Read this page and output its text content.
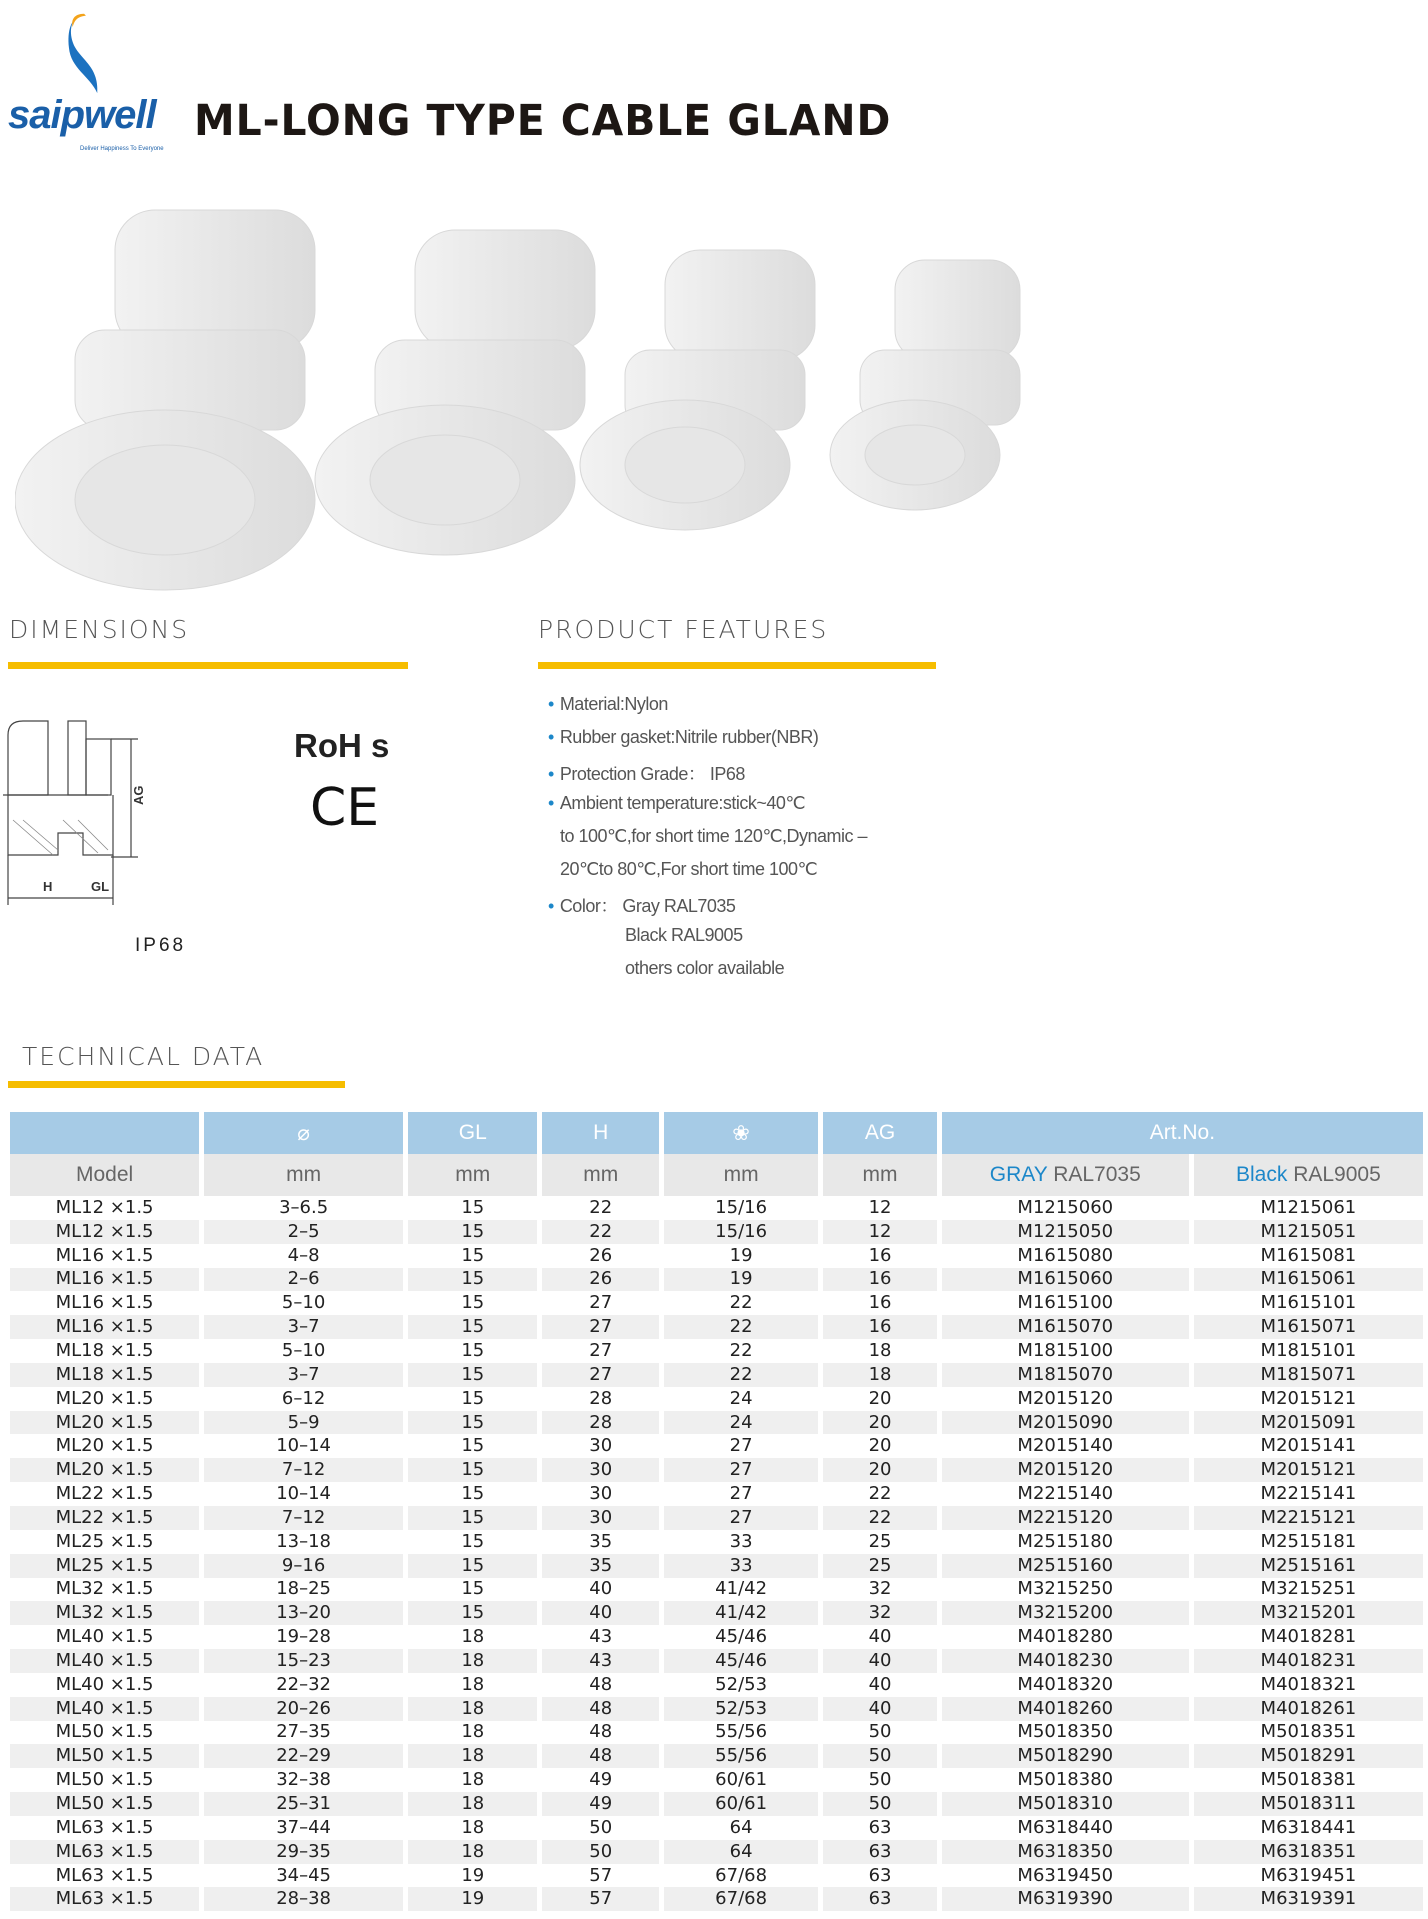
saipwell
Deliver Happiness To Everyone
ML-LONG TYPE CABLE GLAND
DIMENSIONS	PRODUCT FEATURES
AG
H	GL
IP68
RoH s
CE
• Material:Nylon
• Rubber gasket:Nitrile rubber(NBR)
• Protection Grade： IP68
• Ambient temperature:stick~40℃
to 100℃,for short time 120℃,Dynamic –
20℃to 80℃,For short time 100℃
• Color： Gray RAL7035
Black RAL9005
others color available
TECHNICAL DATA
	⌀	GL	H	❀	AG	Art.No.	
Model	mm	mm	mm	mm	mm	GRAY RAL7035	Black RAL9005
ML12 ×1.5	3–6.5	15	22	15/16	12	M1215060	M1215061
ML12 ×1.5	2–5	15	22	15/16	12	M1215050	M1215051
ML16 ×1.5	4–8	15	26	19	16	M1615080	M1615081
ML16 ×1.5	2–6	15	26	19	16	M1615060	M1615061
ML16 ×1.5	5–10	15	27	22	16	M1615100	M1615101
ML16 ×1.5	3–7	15	27	22	16	M1615070	M1615071
ML18 ×1.5	5–10	15	27	22	18	M1815100	M1815101
ML18 ×1.5	3–7	15	27	22	18	M1815070	M1815071
ML20 ×1.5	6–12	15	28	24	20	M2015120	M2015121
ML20 ×1.5	5–9	15	28	24	20	M2015090	M2015091
ML20 ×1.5	10–14	15	30	27	20	M2015140	M2015141
ML20 ×1.5	7–12	15	30	27	20	M2015120	M2015121
ML22 ×1.5	10–14	15	30	27	22	M2215140	M2215141
ML22 ×1.5	7–12	15	30	27	22	M2215120	M2215121
ML25 ×1.5	13–18	15	35	33	25	M2515180	M2515181
ML25 ×1.5	9–16	15	35	33	25	M2515160	M2515161
ML32 ×1.5	18–25	15	40	41/42	32	M3215250	M3215251
ML32 ×1.5	13–20	15	40	41/42	32	M3215200	M3215201
ML40 ×1.5	19–28	18	43	45/46	40	M4018280	M4018281
ML40 ×1.5	15–23	18	43	45/46	40	M4018230	M4018231
ML40 ×1.5	22–32	18	48	52/53	40	M4018320	M4018321
ML40 ×1.5	20–26	18	48	52/53	40	M4018260	M4018261
ML50 ×1.5	27–35	18	48	55/56	50	M5018350	M5018351
ML50 ×1.5	22–29	18	48	55/56	50	M5018290	M5018291
ML50 ×1.5	32–38	18	49	60/61	50	M5018380	M5018381
ML50 ×1.5	25–31	18	49	60/61	50	M5018310	M5018311
ML63 ×1.5	37–44	18	50	64	63	M6318440	M6318441
ML63 ×1.5	29–35	18	50	64	63	M6318350	M6318351
ML63 ×1.5	34–45	19	57	67/68	63	M6319450	M6319451
ML63 ×1.5	28–38	19	57	67/68	63	M6319390	M6319391
